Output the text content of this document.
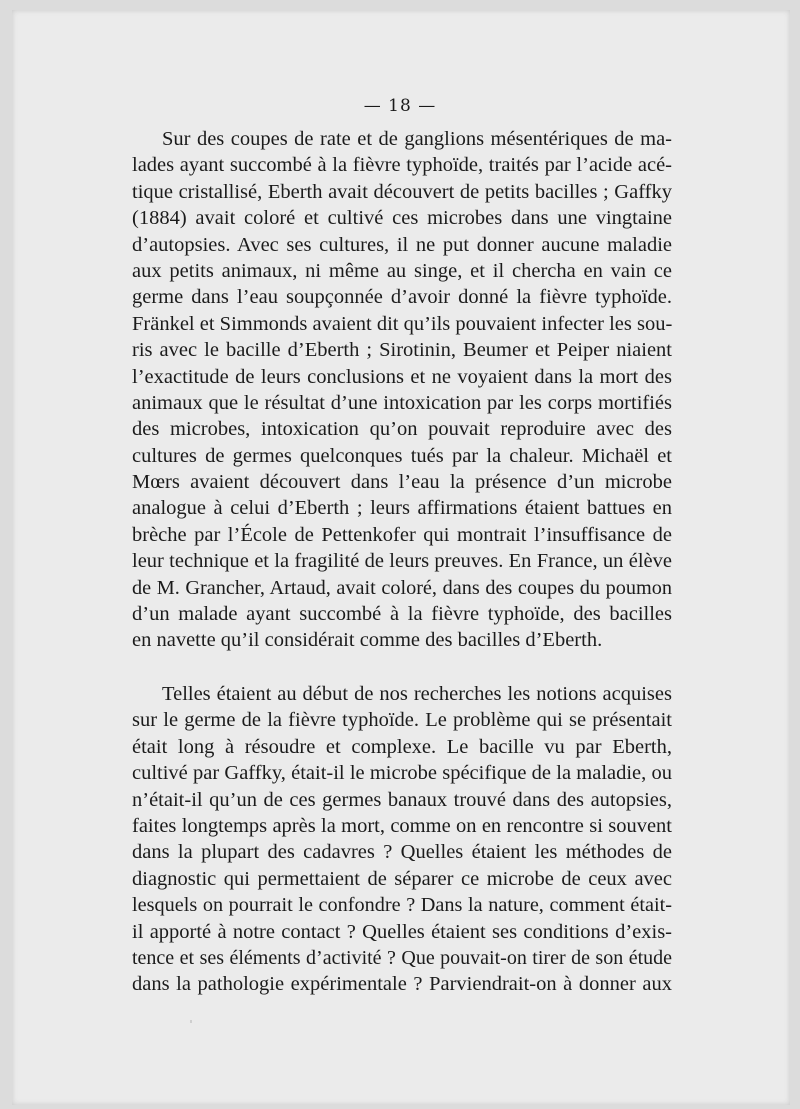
— 18 —
Sur des coupes de rate et de ganglions mésentériques de ma-
lades ayant succombé à la fièvre typhoïde, traités par l’acide acé-
tique cristallisé, Eberth avait découvert de petits bacilles ; Gaffky
(1884) avait coloré et cultivé ces microbes dans une vingtaine
d’autopsies. Avec ses cultures, il ne put donner aucune maladie
aux petits animaux, ni même au singe, et il chercha en vain ce
germe dans l’eau soupçonnée d’avoir donné la fièvre typhoïde.
Fränkel et Simmonds avaient dit qu’ils pouvaient infecter les sou-
ris avec le bacille d’Eberth ; Sirotinin, Beumer et Peiper niaient
l’exactitude de leurs conclusions et ne voyaient dans la mort des
animaux que le résultat d’une intoxication par les corps mortifiés
des microbes, intoxication qu’on pouvait reproduire avec des
cultures de germes quelconques tués par la chaleur. Michaël et
Mœrs avaient découvert dans l’eau la présence d’un microbe
analogue à celui d’Eberth ; leurs affirmations étaient battues en
brèche par l’École de Pettenkofer qui montrait l’insuffisance de
leur technique et la fragilité de leurs preuves. En France, un élève
de M. Grancher, Artaud, avait coloré, dans des coupes du poumon
d’un malade ayant succombé à la fièvre typhoïde, des bacilles
en navette qu’il considérait comme des bacilles d’Eberth.
Telles étaient au début de nos recherches les notions acquises
sur le germe de la fièvre typhoïde. Le problème qui se présentait
était long à résoudre et complexe. Le bacille vu par Eberth,
cultivé par Gaffky, était-il le microbe spécifique de la maladie, ou
n’était-il qu’un de ces germes banaux trouvé dans des autopsies,
faites longtemps après la mort, comme on en rencontre si souvent
dans la plupart des cadavres ? Quelles étaient les méthodes de
diagnostic qui permettaient de séparer ce microbe de ceux avec
lesquels on pourrait le confondre ? Dans la nature, comment était-
il apporté à notre contact ? Quelles étaient ses conditions d’exis-
tence et ses éléments d’activité ? Que pouvait-on tirer de son étude
dans la pathologie expérimentale ? Parviendrait-on à donner aux
